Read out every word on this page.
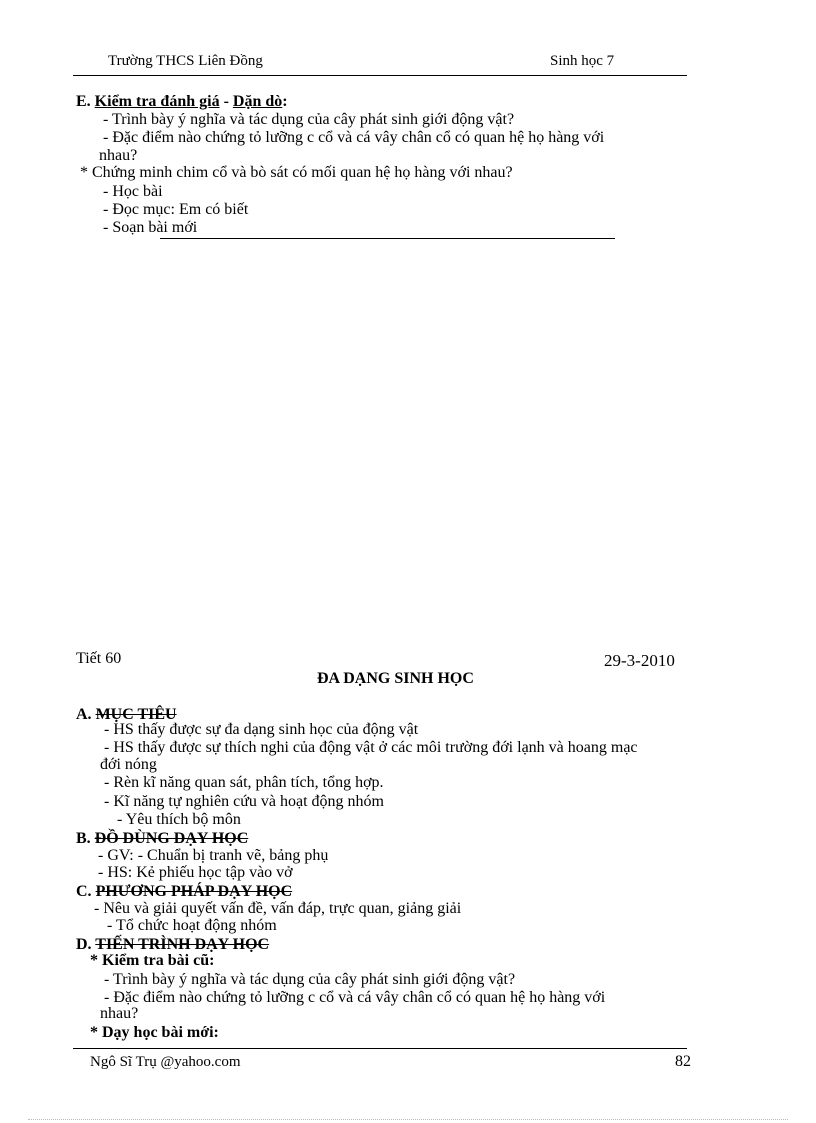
Trường THCS Liên Đồng	Sinh học 7
E. Kiểm tra đánh giá - Dặn dò:
- Trình bày ý nghĩa và tác dụng của cây phát sinh giới động vật?
- Đặc điểm nào chứng tỏ lưỡng c cổ và cá vây chân cổ có quan hệ họ hàng với
nhau?
* Chứng minh chim cổ và bò sát có mối quan hệ họ hàng với nhau?
- Học bài
- Đọc mục: Em có biết
- Soạn bài mới
Tiết 60	29-3-2010
ĐA DẠNG SINH HỌC
A. MỤC TIÊU
- HS thấy được sự đa dạng sinh học của động vật
- HS thấy được sự thích nghi của động vật ở các môi trường đới lạnh và hoang mạc
đới nóng
- Rèn kĩ năng quan sát, phân tích, tổng hợp.
- Kĩ năng tự nghiên cứu và hoạt động nhóm
- Yêu thích bộ môn
B. ĐỒ DÙNG DẠY HỌC
- GV: - Chuẩn bị tranh vẽ, bảng phụ
- HS: Kẻ phiếu học tập vào vở
C. PHƯƠNG PHÁP DẠY HỌC
- Nêu và giải quyết vấn đề, vấn đáp, trực quan, giảng giải
- Tổ chức hoạt động nhóm
D. TIẾN TRÌNH DẠY HỌC
* Kiểm tra bài cũ:
- Trình bày ý nghĩa và tác dụng của cây phát sinh giới động vật?
- Đặc điểm nào chứng tỏ lưỡng c cổ và cá vây chân cổ có quan hệ họ hàng với
nhau?
* Dạy học bài mới:
Ngô Sĩ Trụ @yahoo.com	82
